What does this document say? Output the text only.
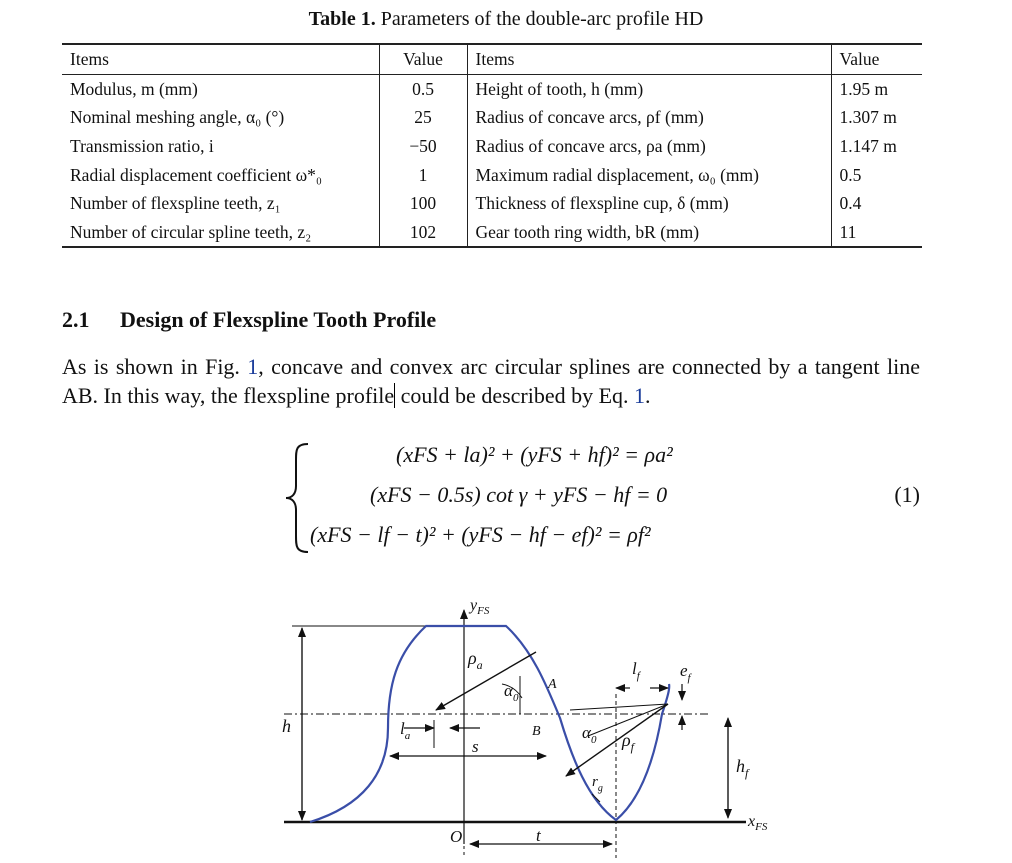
Table 1. Parameters of the double-arc profile HD
Items	Value	Items	Value
Modulus, m (mm)	0.5	Height of tooth, h (mm)	1.95 m
Nominal meshing angle, α₀ (°)	25	Radius of concave arcs, ρf (mm)	1.307 m
Transmission ratio, i	−50	Radius of concave arcs, ρa (mm)	1.147 m
Radial displacement coefficient ω*₀	1	Maximum radial displacement, ω₀ (mm)	0.5
Number of flexspline teeth, z₁	100	Thickness of flexspline cup, δ (mm)	0.4
Number of circular spline teeth, z₂	102	Gear tooth ring width, bR (mm)	11
2.1 Design of Flexspline Tooth Profile
As is shown in Fig. 1, concave and convex arc circular splines are connected by a tangent line AB. In this way, the flexspline profile could be described by Eq. 1.
(xFS + la)² + (yFS + hf)² = ρa²
(xFS − 0.5s) cot γ + yFS − hf = 0
(xFS − lf − t)² + (yFS − hf − ef)² = ρf²
(1)
h
$\rho_a$
$\alpha_0$
A
B
$l_a$
s	$\rho_f$
$\alpha_0$
$l_f$ $e_f$
$h_f$
$r_g$
t
$y_{FS}$
$x_{FS}$
O
